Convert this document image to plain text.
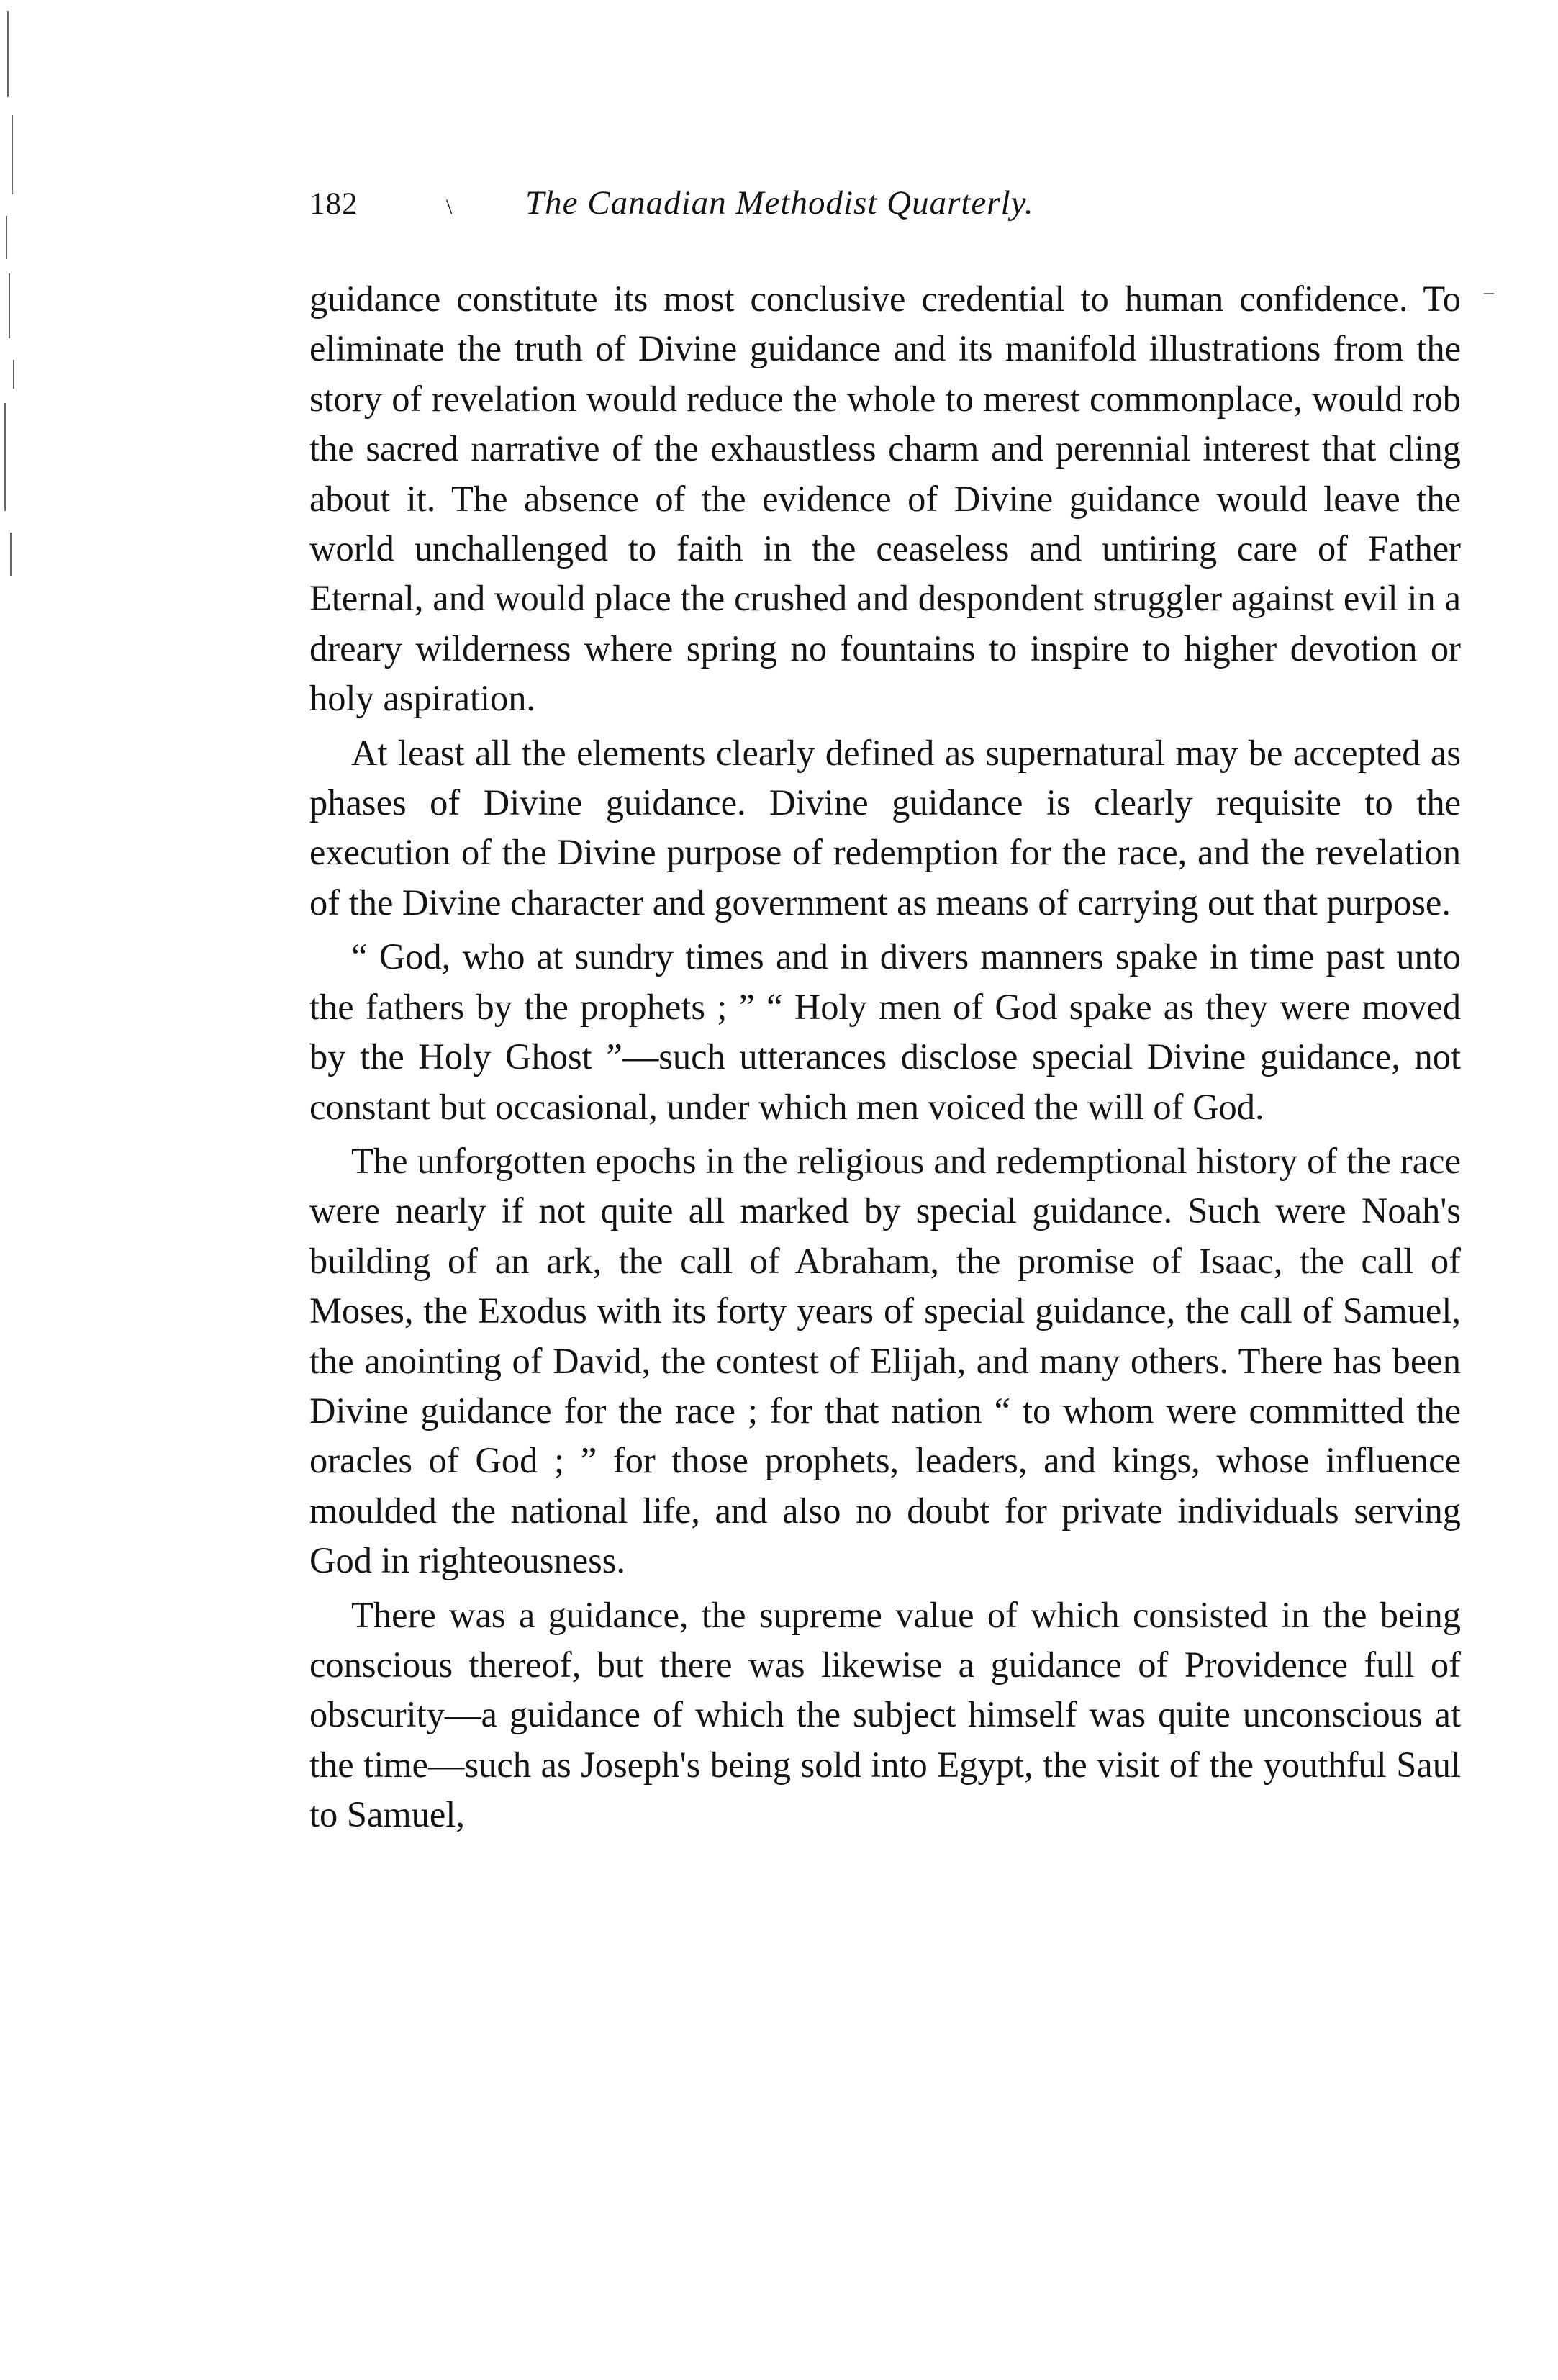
182	\	The Canadian Methodist Quarterly.

guidance constitute its most conclusive credential to human confidence. To eliminate the truth of Divine guidance and its manifold illustrations from the story of revelation would reduce the whole to merest commonplace, would rob the sacred narrative of the exhaustless charm and perennial interest that cling about it. The absence of the evidence of Divine guidance would leave the world unchallenged to faith in the ceaseless and untiring care of Father Eternal, and would place the crushed and despondent struggler against evil in a dreary wilderness where spring no fountains to inspire to higher devotion or holy aspiration.

At least all the elements clearly defined as supernatural may be accepted as phases of Divine guidance. Divine guidance is clearly requisite to the execution of the Divine purpose of redemption for the race, and the revelation of the Divine character and government as means of carrying out that purpose.

“ God, who at sundry times and in divers manners spake in time past unto the fathers by the prophets ; ” “ Holy men of God spake as they were moved by the Holy Ghost ”—such utterances disclose special Divine guidance, not constant but occasional, under which men voiced the will of God.

The unforgotten epochs in the religious and redemptional history of the race were nearly if not quite all marked by special guidance. Such were Noah's building of an ark, the call of Abraham, the promise of Isaac, the call of Moses, the Exodus with its forty years of special guidance, the call of Samuel, the anointing of David, the contest of Elijah, and many others. There has been Divine guidance for the race ; for that nation “ to whom were committed the oracles of God ; ” for those prophets, leaders, and kings, whose influence moulded the national life, and also no doubt for private individuals serving God in righteousness.

There was a guidance, the supreme value of which consisted in the being conscious thereof, but there was likewise a guidance of Providence full of obscurity—a guidance of which the subject himself was quite unconscious at the time—such as Joseph's being sold into Egypt, the visit of the youthful Saul to Samuel,
